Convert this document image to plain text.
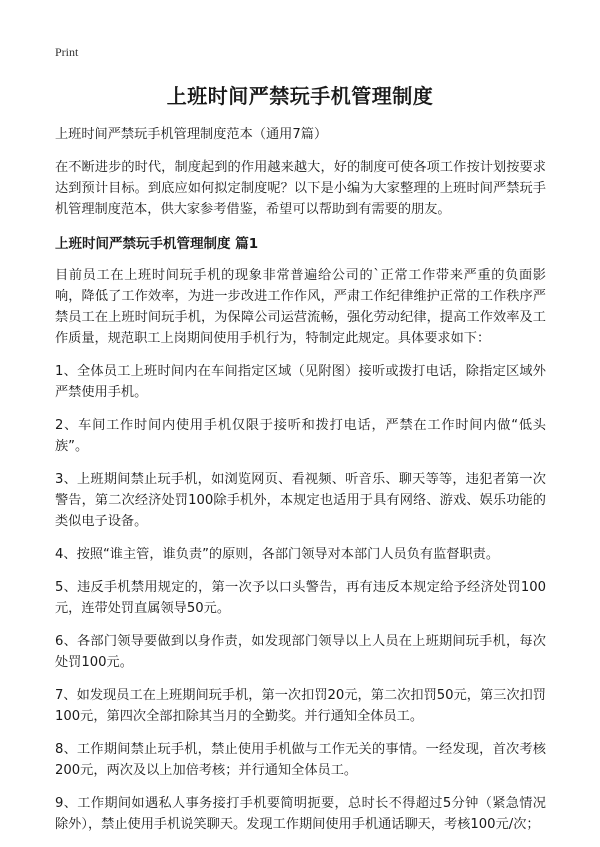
Print
上班时间严禁玩手机管理制度

上班时间严禁玩手机管理制度范本（通用7篇）

在不断进步的时代，制度起到的作用越来越大，好的制度可使各项工作按计划按要求达到预计目标。到底应如何拟定制度呢？以下是小编为大家整理的上班时间严禁玩手机管理制度范本，供大家参考借鉴，希望可以帮助到有需要的朋友。

上班时间严禁玩手机管理制度 篇1

目前员工在上班时间玩手机的现象非常普遍给公司的`正常工作带来严重的负面影响，降低了工作效率，为进一步改进工作作风，严肃工作纪律维护正常的工作秩序严禁员工在上班时间玩手机，为保障公司运营流畅，强化劳动纪律，提高工作效率及工作质量，规范职工上岗期间使用手机行为，特制定此规定。具体要求如下：

1、全体员工上班时间内在车间指定区域（见附图）接听或拨打电话，除指定区域外严禁使用手机。

2、车间工作时间内使用手机仅限于接听和拨打电话，严禁在工作时间内做“低头族”。

3、上班期间禁止玩手机，如浏览网页、看视频、听音乐、聊天等等，违犯者第一次警告，第二次经济处罚100除手机外，本规定也适用于具有网络、游戏、娱乐功能的类似电子设备。

4、按照“谁主管，谁负责”的原则，各部门领导对本部门人员负有监督职责。

5、违反手机禁用规定的，第一次予以口头警告，再有违反本规定给予经济处罚100元，连带处罚直属领导50元。

6、各部门领导要做到以身作责，如发现部门领导以上人员在上班期间玩手机，每次处罚100元。

7、如发现员工在上班期间玩手机，第一次扣罚20元，第二次扣罚50元，第三次扣罚100元，第四次全部扣除其当月的全勤奖。并行通知全体员工。

8、工作期间禁止玩手机，禁止使用手机做与工作无关的事情。一经发现，首次考核200元，两次及以上加倍考核；并行通知全体员工。

9、工作期间如遇私人事务接打手机要简明扼要，总时长不得超过5分钟（紧急情况除外），禁止使用手机说笑聊天。发现工作期间使用手机通话聊天，考核100元/次；
